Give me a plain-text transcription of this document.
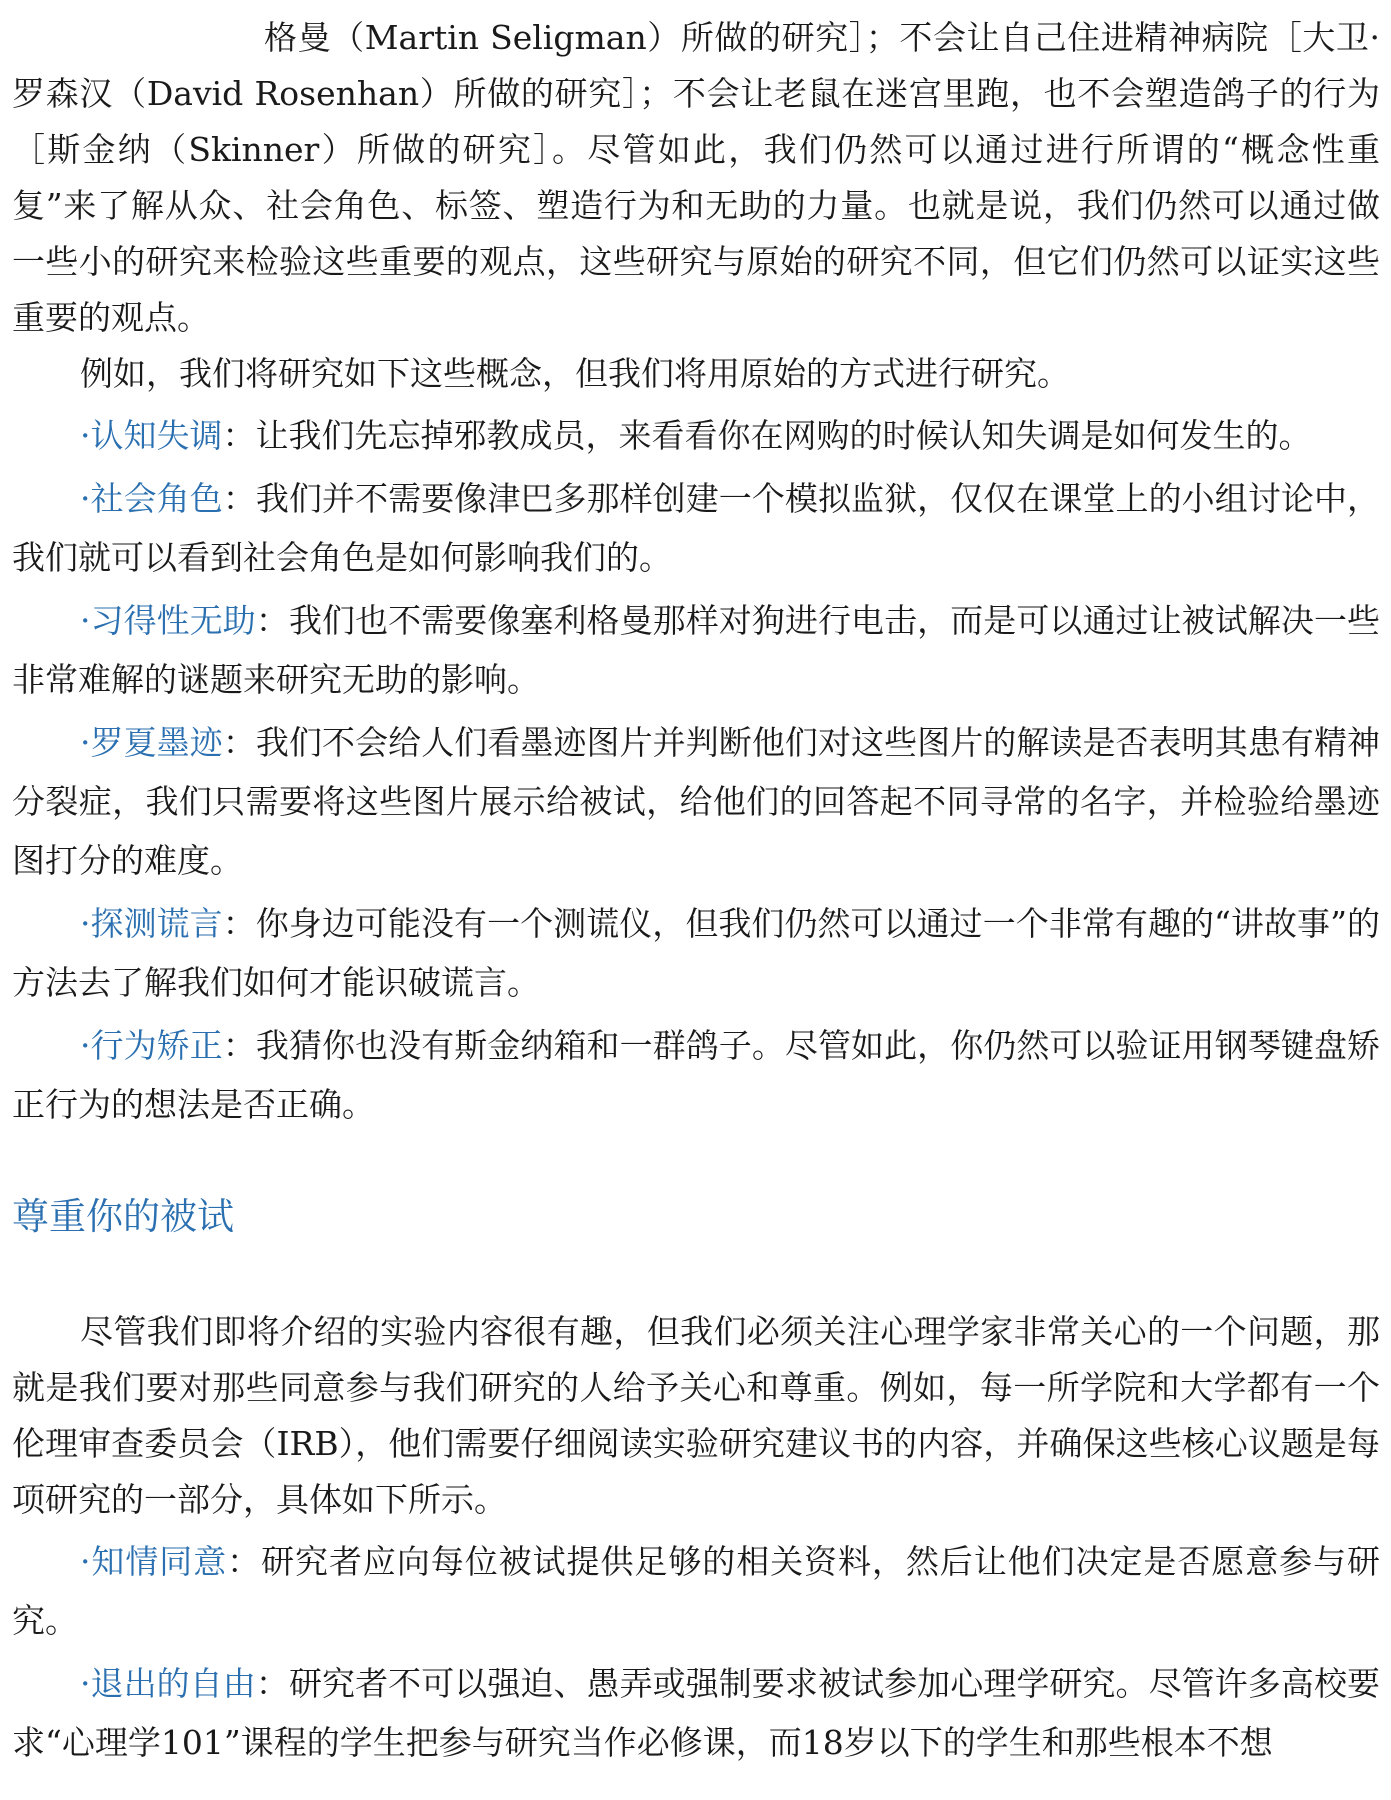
格曼（Martin Seligman）所做的研究］；不会让自己住进精神病院［大卫·罗森汉（David Rosenhan）所做的研究］；不会让老鼠在迷宫里跑，也不会塑造鸽子的行为［斯金纳（Skinner）所做的研究］。尽管如此，我们仍然可以通过进行所谓的“概念性重复”来了解从众、社会角色、标签、塑造行为和无助的力量。也就是说，我们仍然可以通过做一些小的研究来检验这些重要的观点，这些研究与原始的研究不同，但它们仍然可以证实这些重要的观点。

例如，我们将研究如下这些概念，但我们将用原始的方式进行研究。

·认知失调：让我们先忘掉邪教成员，来看看你在网购的时候认知失调是如何发生的。

·社会角色：我们并不需要像津巴多那样创建一个模拟监狱，仅仅在课堂上的小组讨论中，我们就可以看到社会角色是如何影响我们的。

·习得性无助：我们也不需要像塞利格曼那样对狗进行电击，而是可以通过让被试解决一些非常难解的谜题来研究无助的影响。

·罗夏墨迹：我们不会给人们看墨迹图片并判断他们对这些图片的解读是否表明其患有精神分裂症，我们只需要将这些图片展示给被试，给他们的回答起不同寻常的名字，并检验给墨迹图打分的难度。

·探测谎言：你身边可能没有一个测谎仪，但我们仍然可以通过一个非常有趣的“讲故事”的方法去了解我们如何才能识破谎言。

·行为矫正：我猜你也没有斯金纳箱和一群鸽子。尽管如此，你仍然可以验证用钢琴键盘矫正行为的想法是否正确。

尊重你的被试

尽管我们即将介绍的实验内容很有趣，但我们必须关注心理学家非常关心的一个问题，那就是我们要对那些同意参与我们研究的人给予关心和尊重。例如，每一所学院和大学都有一个伦理审查委员会（IRB），他们需要仔细阅读实验研究建议书的内容，并确保这些核心议题是每项研究的一部分，具体如下所示。

·知情同意：研究者应向每位被试提供足够的相关资料，然后让他们决定是否愿意参与研究。

·退出的自由：研究者不可以强迫、愚弄或强制要求被试参加心理学研究。尽管许多高校要求“心理学101”课程的学生把参与研究当作必修课，而18岁以下的学生和那些根本不想
